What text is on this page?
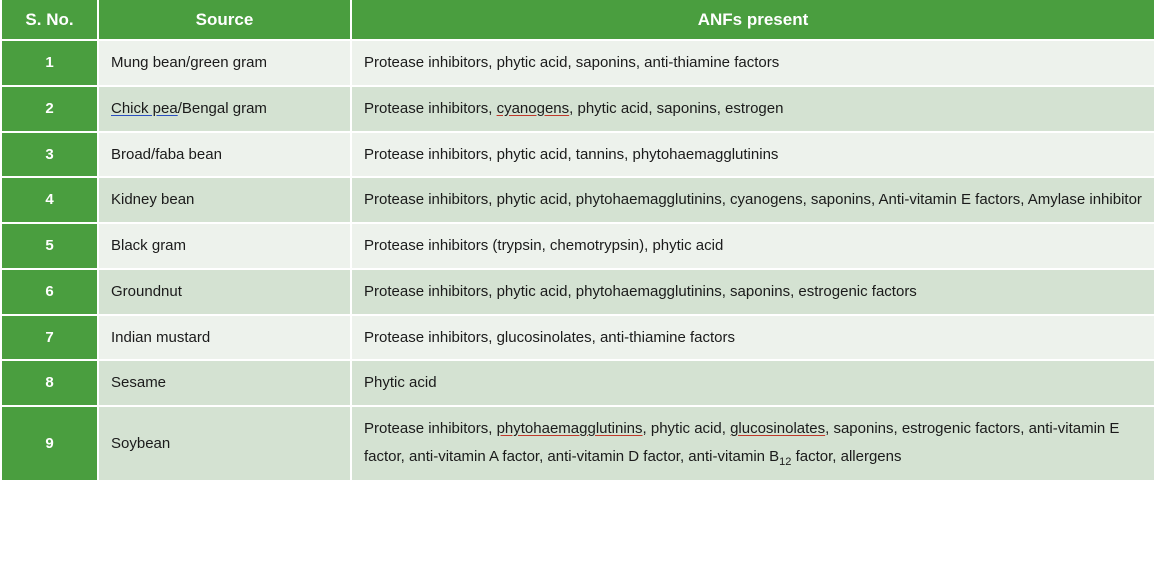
S. No.	Source	ANFs present
1	Mung bean/green gram	Protease inhibitors, phytic acid, saponins, anti-thiamine factors
2	Chick pea/Bengal gram	Protease inhibitors, cyanogens, phytic acid, saponins, estrogen
3	Broad/faba bean	Protease inhibitors, phytic acid, tannins, phytohaemagglutinins
4	Kidney bean	Protease inhibitors, phytic acid, phytohaemagglutinins, cyanogens, saponins, Anti-vitamin E factors, Amylase inhibitor
5	Black gram	Protease inhibitors (trypsin, chemotrypsin), phytic acid
6	Groundnut	Protease inhibitors, phytic acid, phytohaemagglutinins, saponins, estrogenic factors
7	Indian mustard	Protease inhibitors, glucosinolates, anti-thiamine factors
8	Sesame	Phytic acid
9	Soybean	Protease inhibitors, phytohaemagglutinins, phytic acid, glucosinolates, saponins, estrogenic factors, anti-vitamin E factor, anti-vitamin A factor, anti-vitamin D factor, anti-vitamin $B_{12}$ factor, allergens
